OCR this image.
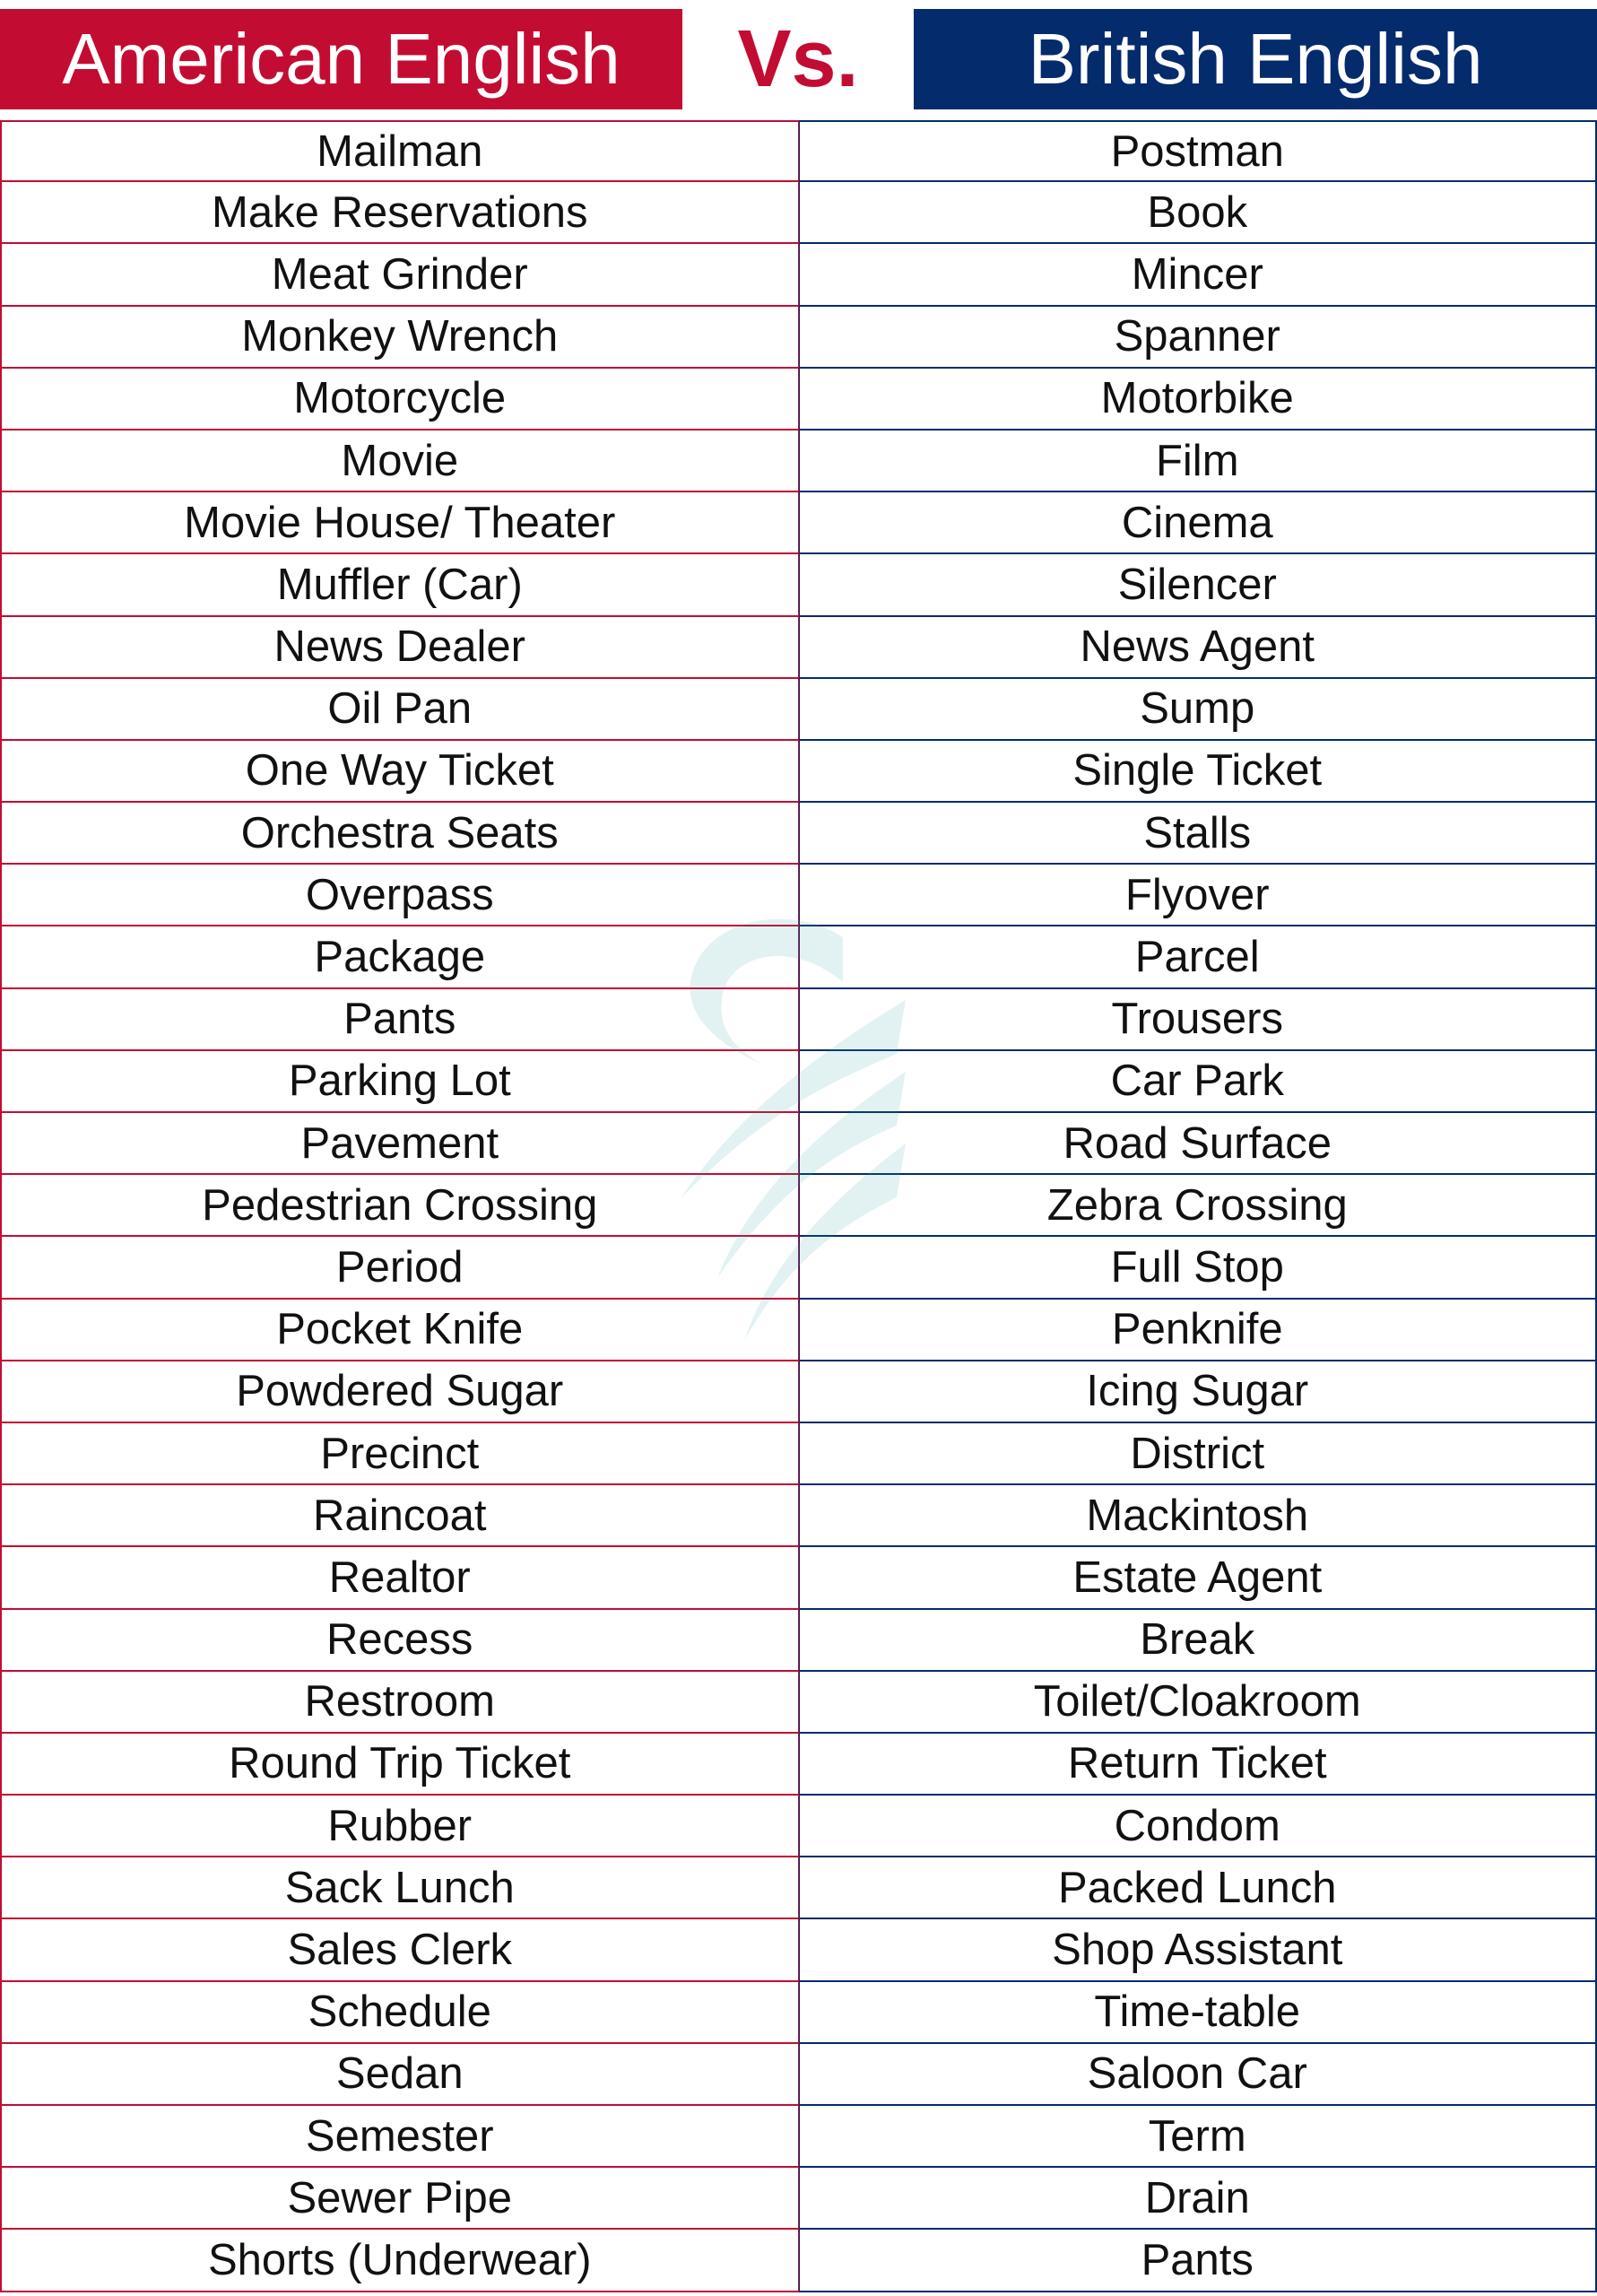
American English	Vs.	British English
Mailman	Postman
Make Reservations	Book
Meat Grinder	Mincer
Monkey Wrench	Spanner
Motorcycle	Motorbike
Movie	Film
Movie House/ Theater	Cinema
Muffler (Car)	Silencer
News Dealer	News Agent
Oil Pan	Sump
One Way Ticket	Single Ticket
Orchestra Seats	Stalls
Overpass	Flyover
Package	Parcel
Pants	Trousers
Parking Lot	Car Park
Pavement	Road Surface
Pedestrian Crossing	Zebra Crossing
Period	Full Stop
Pocket Knife	Penknife
Powdered Sugar	Icing Sugar
Precinct	District
Raincoat	Mackintosh
Realtor	Estate Agent
Recess	Break
Restroom	Toilet/Cloakroom
Round Trip Ticket	Return Ticket
Rubber	Condom
Sack Lunch	Packed Lunch
Sales Clerk	Shop Assistant
Schedule	Time-table
Sedan	Saloon Car
Semester	Term
Sewer Pipe	Drain
Shorts (Underwear)	Pants
